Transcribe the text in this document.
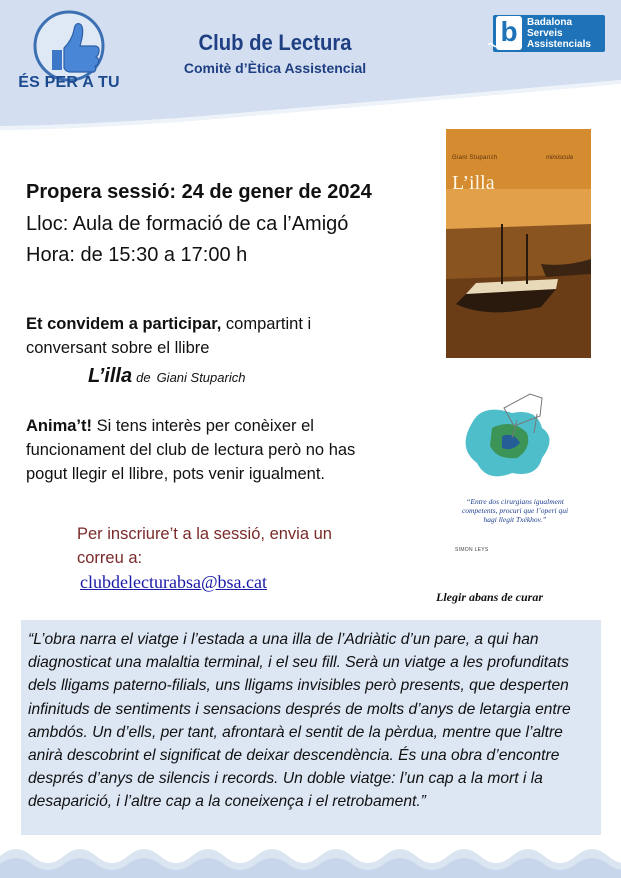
ÉS PER A TU
Club de Lectura
Comitè d’Ètica Assistencial
b Badalona
Serveis
Assistencials
Propera sessió: 24 de gener de 2024
Lloc: Aula de formació de ca l’Amigó
Hora: de 15:30 a 17:00 h
Et convidem a participar, compartint i conversant sobre el llibre
L’illa de Giani Stuparich
Anima’t! Si tens interès per conèixer el funcionament del club de lectura però no has pogut llegir el llibre, pots venir igualment.
Per inscriure’t a la sessió, envia un correu a:
clubdelecturabsa@bsa.cat
Giani Stuparich	minúscula
L’illa
“Entre dos cirurgians igualment competents, procuri que l’operi qui hagi llegit Txékhov.”
SIMON LEYS
Llegir abans de curar
“L’obra narra el viatge i l’estada a una illa de l’Adriàtic d’un pare, a qui han diagnosticat una malaltia terminal, i el seu fill. Serà un viatge a les profunditats dels lligams paterno-filials, uns lligams invisibles però presents, que desperten infinituds de sentiments i sensacions després de molts d’anys de letargia entre ambdós. Un d’ells, per tant, afrontarà el sentit de la pèrdua, mentre que l’altre anirà descobrint el significat de deixar descendència. És una obra d’encontre després d’anys de silencis i records. Un doble viatge: l’un cap a la mort i la desaparició, i l’altre cap a la coneixença i el retrobament.”
